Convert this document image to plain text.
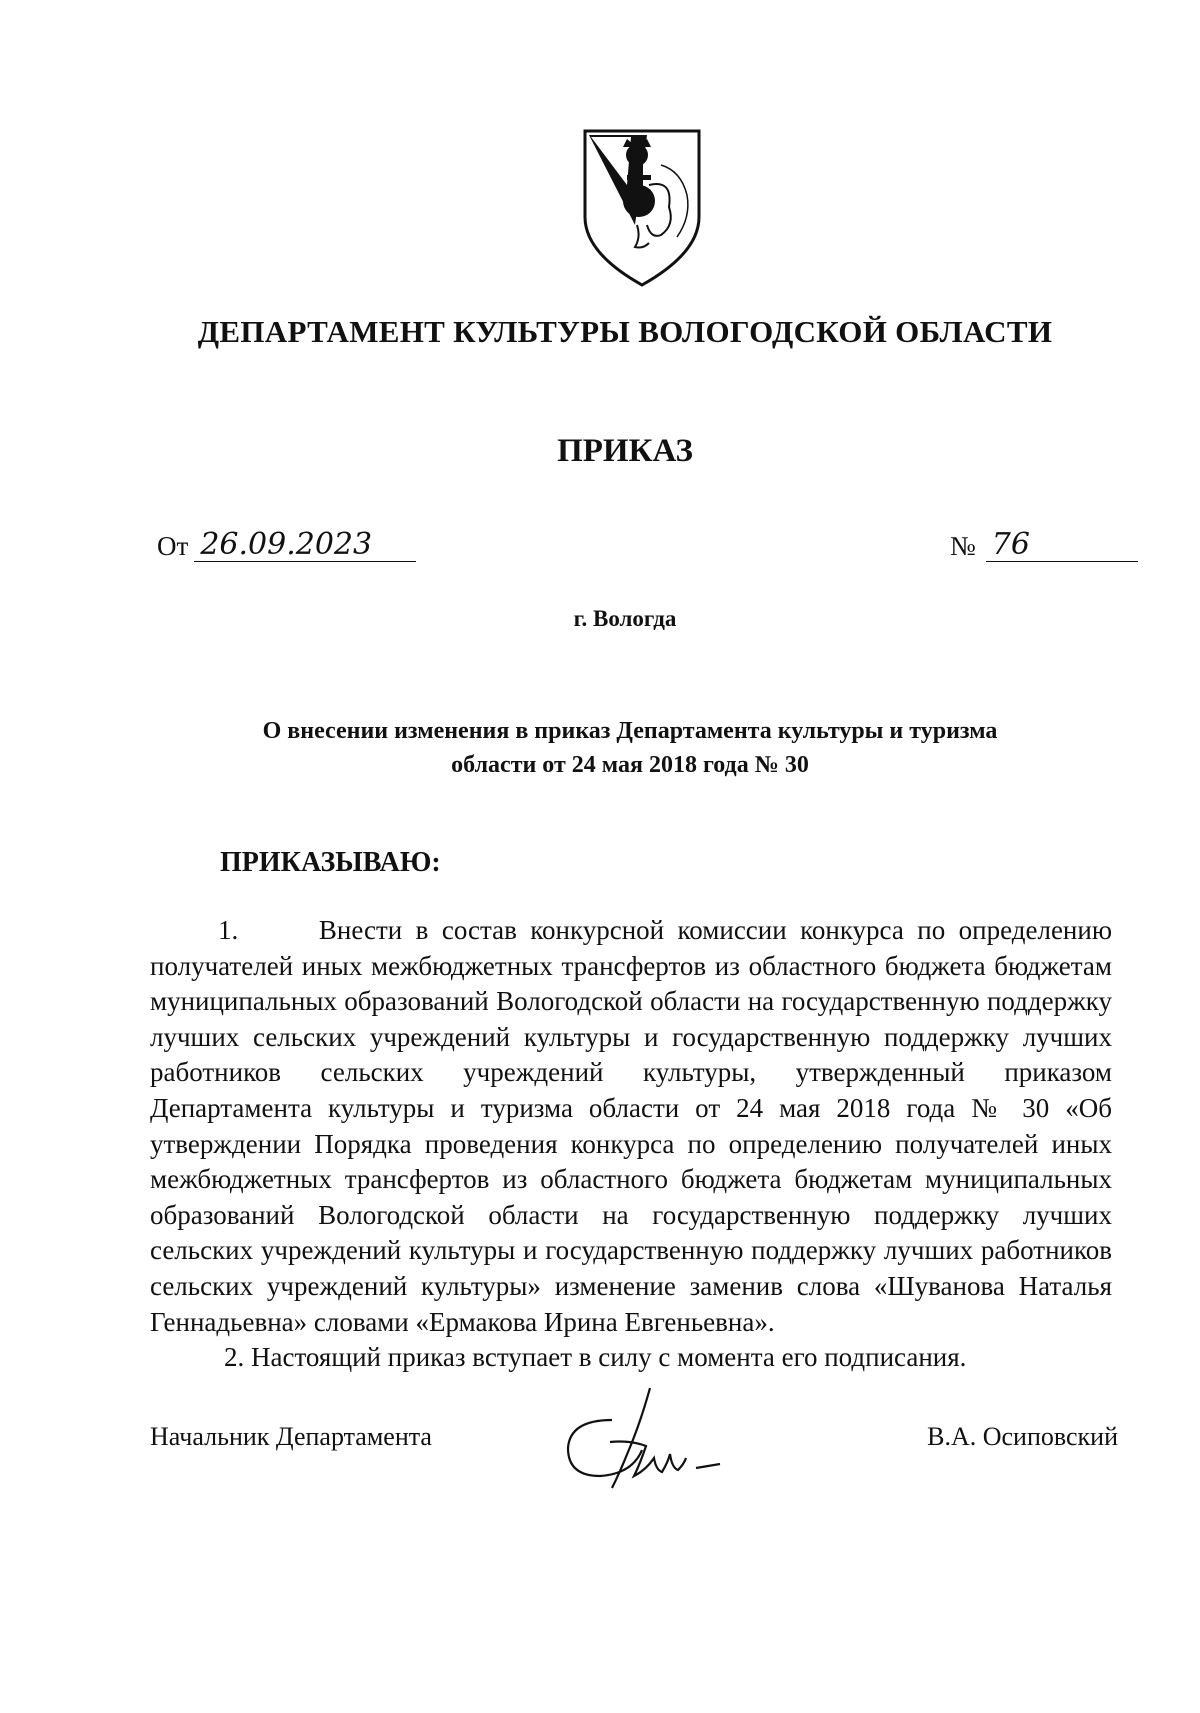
ДЕПАРТАМЕНТ КУЛЬТУРЫ ВОЛОГОДСКОЙ ОБЛАСТИ
ПРИКАЗ
От 26.09.2023	№ 76
г. Вологда
О внесении изменения в приказ Департамента культуры и туризма
области от 24 мая 2018 года № 30
ПРИКАЗЫВАЮ:

1.      Внести в состав конкурсной комиссии конкурса по определению получателей иных межбюджетных трансфертов из областного бюджета бюджетам муниципальных образований Вологодской области на государственную поддержку лучших сельских учреждений культуры и государственную поддержку лучших работников сельских учреждений культуры, утвержденный приказом Департамента культуры и туризма области от 24 мая 2018 года № 30 «Об утверждении Порядка проведения конкурса по определению получателей иных межбюджетных трансфертов из областного бюджета бюджетам муниципальных образований Вологодской области на государственную поддержку лучших сельских учреждений культуры и государственную поддержку лучших работников сельских учреждений культуры» изменение заменив слова «Шуванова Наталья Геннадьевна» словами «Ермакова Ирина Евгеньевна».

2. Настоящий приказ вступает в силу с момента его подписания.

Начальник Департамента	В.А. Осиповский
